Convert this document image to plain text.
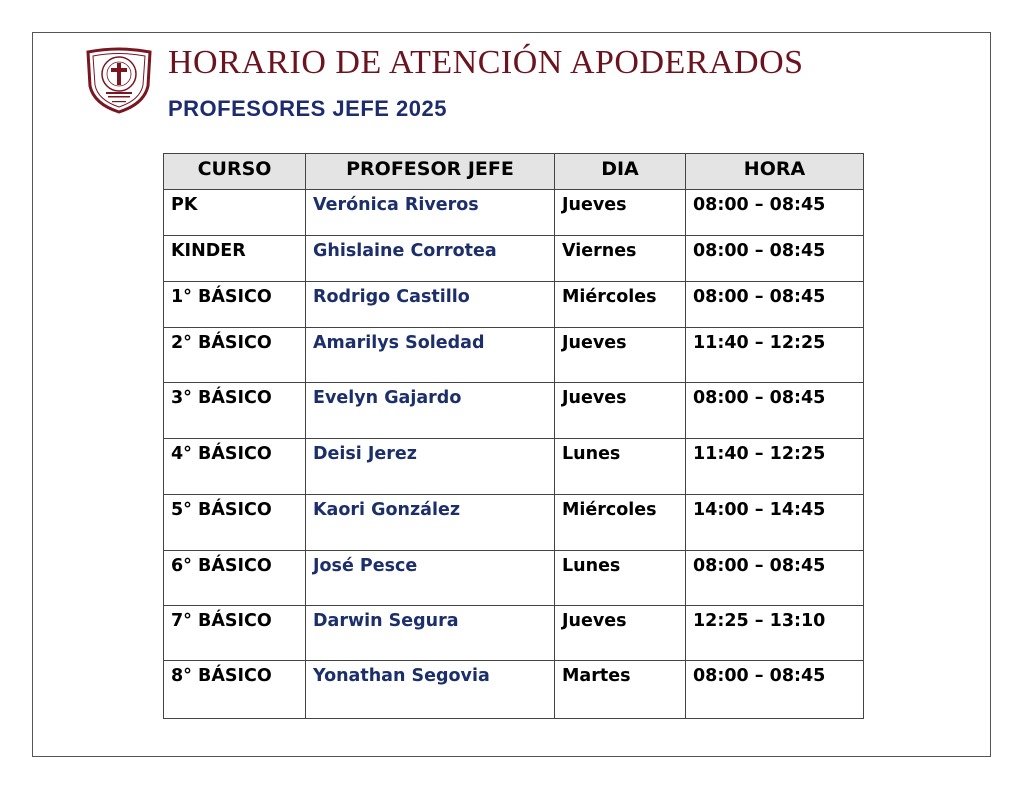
HORARIO DE ATENCIÓN APODERADOS
PROFESORES JEFE 2025
CURSO	PROFESOR JEFE	DIA	HORA
PK	Verónica Riveros	Jueves	08:00 – 08:45
KINDER	Ghislaine Corrotea	Viernes	08:00 – 08:45
1° BÁSICO	Rodrigo Castillo	Miércoles	08:00 – 08:45
2° BÁSICO	Amarilys Soledad	Jueves	11:40 – 12:25
3° BÁSICO	Evelyn Gajardo	Jueves	08:00 – 08:45
4° BÁSICO	Deisi Jerez	Lunes	11:40 – 12:25
5° BÁSICO	Kaori González	Miércoles	14:00 – 14:45
6° BÁSICO	José Pesce	Lunes	08:00 – 08:45
7° BÁSICO	Darwin Segura	Jueves	12:25 – 13:10
8° BÁSICO	Yonathan Segovia	Martes	08:00 – 08:45
